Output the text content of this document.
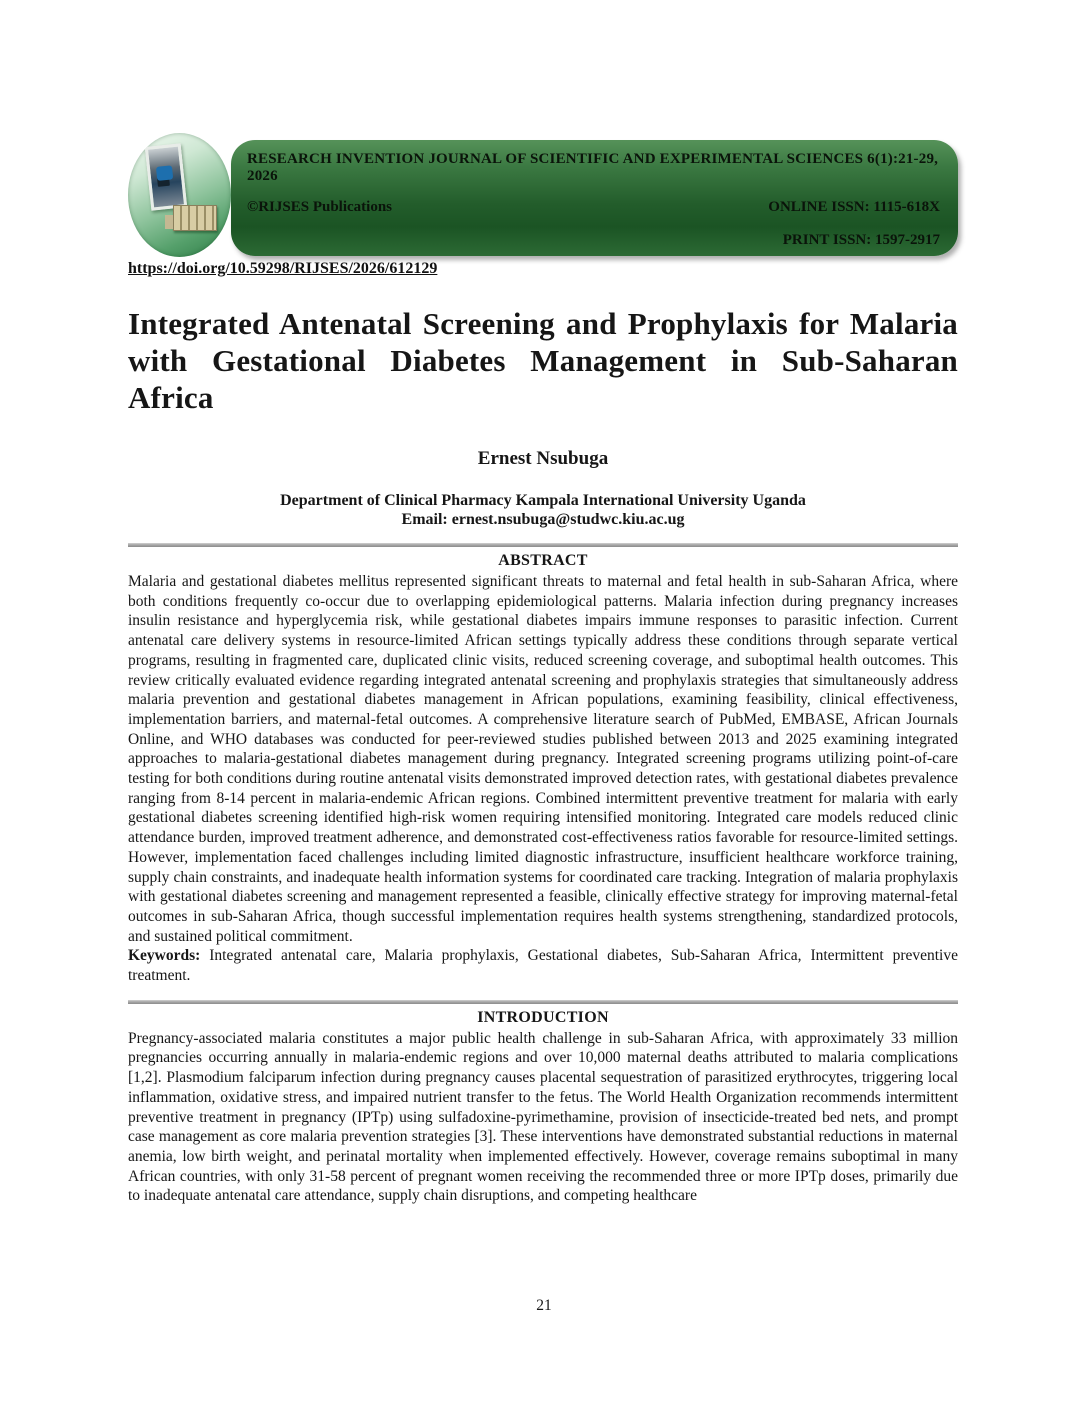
RESEARCH INVENTION JOURNAL OF SCIENTIFIC AND EXPERIMENTAL SCIENCES 6(1):21-29, 2026
©RIJSES Publications	ONLINE ISSN: 1115-618X
PRINT ISSN: 1597-2917
https://doi.org/10.59298/RIJSES/2026/612129
Integrated Antenatal Screening and Prophylaxis for Malaria with Gestational Diabetes Management in Sub-Saharan Africa
Ernest Nsubuga
Department of Clinical Pharmacy Kampala International University Uganda
Email: ernest.nsubuga@studwc.kiu.ac.ug
ABSTRACT

Malaria and gestational diabetes mellitus represented significant threats to maternal and fetal health in sub-Saharan Africa, where both conditions frequently co-occur due to overlapping epidemiological patterns. Malaria infection during pregnancy increases insulin resistance and hyperglycemia risk, while gestational diabetes impairs immune responses to parasitic infection. Current antenatal care delivery systems in resource-limited African settings typically address these conditions through separate vertical programs, resulting in fragmented care, duplicated clinic visits, reduced screening coverage, and suboptimal health outcomes. This review critically evaluated evidence regarding integrated antenatal screening and prophylaxis strategies that simultaneously address malaria prevention and gestational diabetes management in African populations, examining feasibility, clinical effectiveness, implementation barriers, and maternal-fetal outcomes. A comprehensive literature search of PubMed, EMBASE, African Journals Online, and WHO databases was conducted for peer-reviewed studies published between 2013 and 2025 examining integrated approaches to malaria-gestational diabetes management during pregnancy. Integrated screening programs utilizing point-of-care testing for both conditions during routine antenatal visits demonstrated improved detection rates, with gestational diabetes prevalence ranging from 8-14 percent in malaria-endemic African regions. Combined intermittent preventive treatment for malaria with early gestational diabetes screening identified high-risk women requiring intensified monitoring. Integrated care models reduced clinic attendance burden, improved treatment adherence, and demonstrated cost-effectiveness ratios favorable for resource-limited settings. However, implementation faced challenges including limited diagnostic infrastructure, insufficient healthcare workforce training, supply chain constraints, and inadequate health information systems for coordinated care tracking. Integration of malaria prophylaxis with gestational diabetes screening and management represented a feasible, clinically effective strategy for improving maternal-fetal outcomes in sub-Saharan Africa, though successful implementation requires health systems strengthening, standardized protocols, and sustained political commitment.

Keywords: Integrated antenatal care, Malaria prophylaxis, Gestational diabetes, Sub-Saharan Africa, Intermittent preventive treatment.

INTRODUCTION

Pregnancy-associated malaria constitutes a major public health challenge in sub-Saharan Africa, with approximately 33 million pregnancies occurring annually in malaria-endemic regions and over 10,000 maternal deaths attributed to malaria complications [1,2]. Plasmodium falciparum infection during pregnancy causes placental sequestration of parasitized erythrocytes, triggering local inflammation, oxidative stress, and impaired nutrient transfer to the fetus. The World Health Organization recommends intermittent preventive treatment in pregnancy (IPTp) using sulfadoxine-pyrimethamine, provision of insecticide-treated bed nets, and prompt case management as core malaria prevention strategies [3]. These interventions have demonstrated substantial reductions in maternal anemia, low birth weight, and perinatal mortality when implemented effectively. However, coverage remains suboptimal in many African countries, with only 31-58 percent of pregnant women receiving the recommended three or more IPTp doses, primarily due to inadequate antenatal care attendance, supply chain disruptions, and competing healthcare

21
